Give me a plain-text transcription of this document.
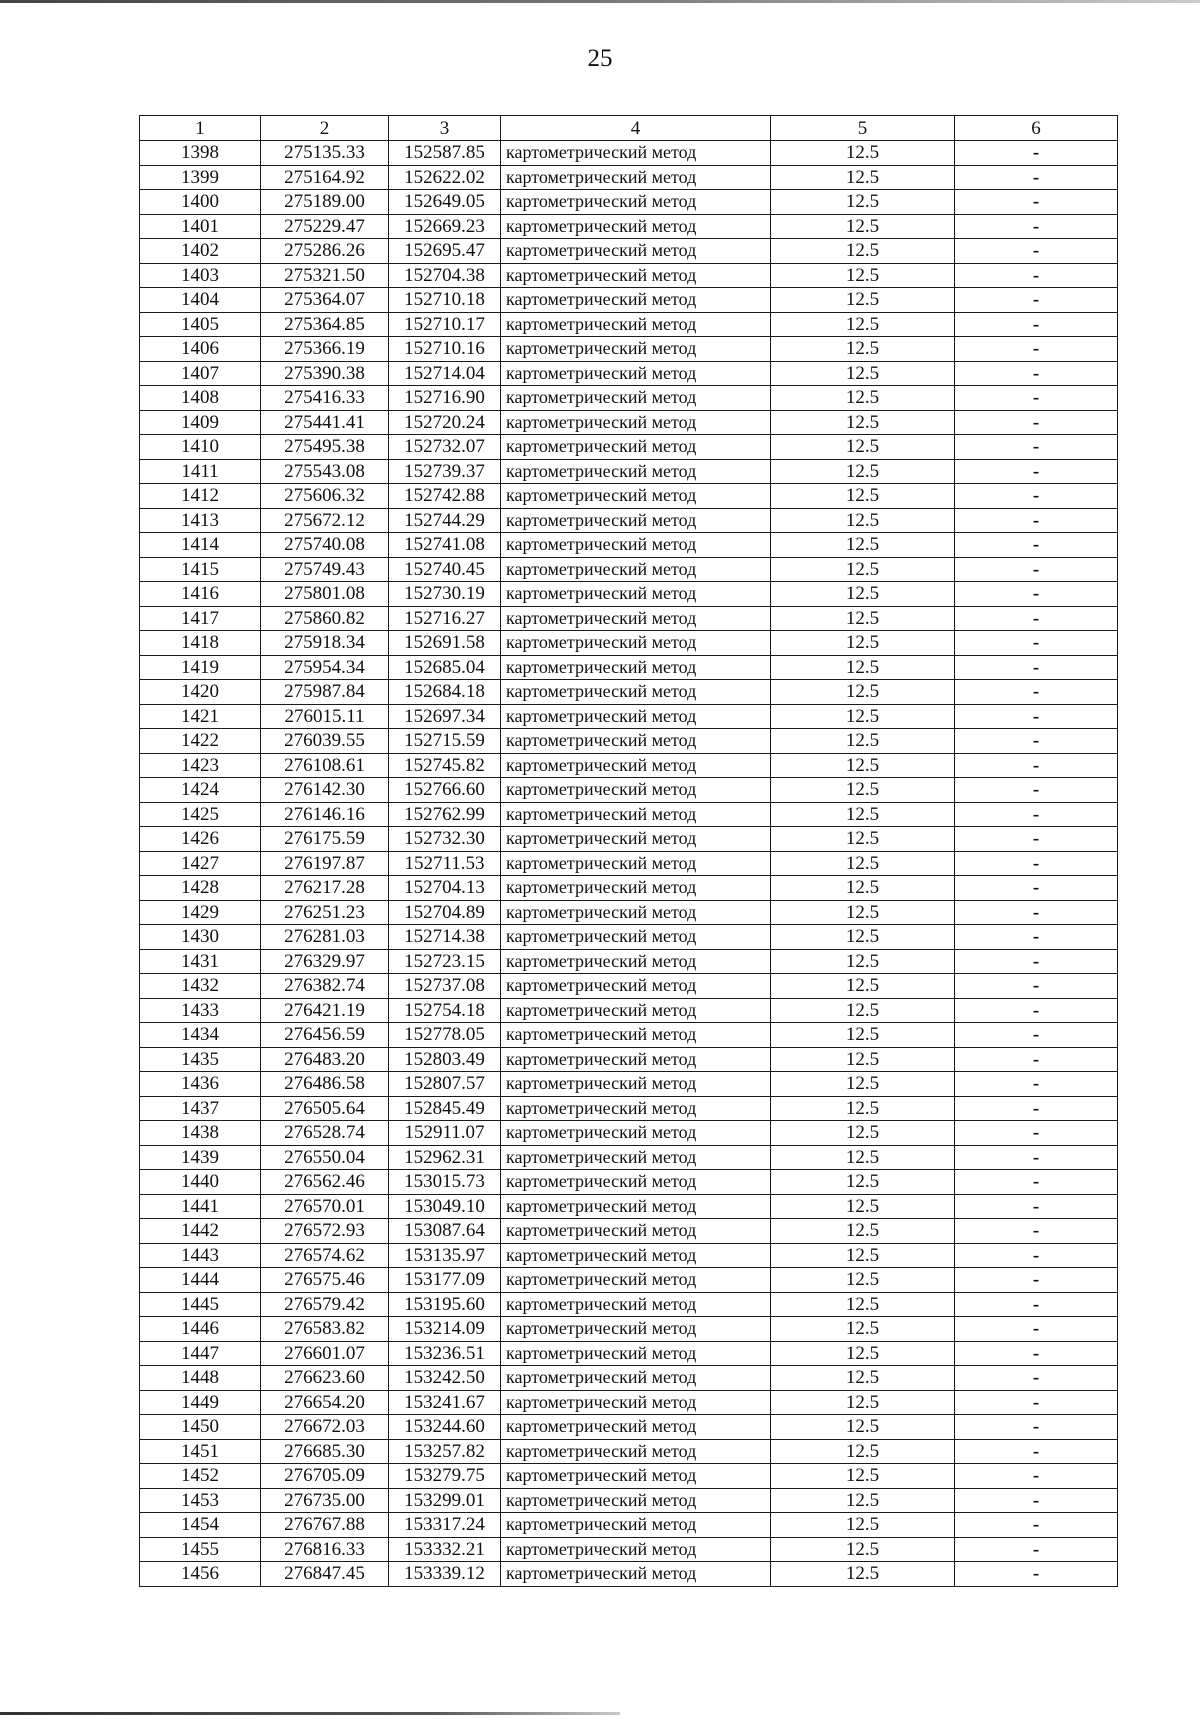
25
1	2	3	4	5	6
1398	275135.33	152587.85	картометрический метод	12.5	-
1399	275164.92	152622.02	картометрический метод	12.5	-
1400	275189.00	152649.05	картометрический метод	12.5	-
1401	275229.47	152669.23	картометрический метод	12.5	-
1402	275286.26	152695.47	картометрический метод	12.5	-
1403	275321.50	152704.38	картометрический метод	12.5	-
1404	275364.07	152710.18	картометрический метод	12.5	-
1405	275364.85	152710.17	картометрический метод	12.5	-
1406	275366.19	152710.16	картометрический метод	12.5	-
1407	275390.38	152714.04	картометрический метод	12.5	-
1408	275416.33	152716.90	картометрический метод	12.5	-
1409	275441.41	152720.24	картометрический метод	12.5	-
1410	275495.38	152732.07	картометрический метод	12.5	-
1411	275543.08	152739.37	картометрический метод	12.5	-
1412	275606.32	152742.88	картометрический метод	12.5	-
1413	275672.12	152744.29	картометрический метод	12.5	-
1414	275740.08	152741.08	картометрический метод	12.5	-
1415	275749.43	152740.45	картометрический метод	12.5	-
1416	275801.08	152730.19	картометрический метод	12.5	-
1417	275860.82	152716.27	картометрический метод	12.5	-
1418	275918.34	152691.58	картометрический метод	12.5	-
1419	275954.34	152685.04	картометрический метод	12.5	-
1420	275987.84	152684.18	картометрический метод	12.5	-
1421	276015.11	152697.34	картометрический метод	12.5	-
1422	276039.55	152715.59	картометрический метод	12.5	-
1423	276108.61	152745.82	картометрический метод	12.5	-
1424	276142.30	152766.60	картометрический метод	12.5	-
1425	276146.16	152762.99	картометрический метод	12.5	-
1426	276175.59	152732.30	картометрический метод	12.5	-
1427	276197.87	152711.53	картометрический метод	12.5	-
1428	276217.28	152704.13	картометрический метод	12.5	-
1429	276251.23	152704.89	картометрический метод	12.5	-
1430	276281.03	152714.38	картометрический метод	12.5	-
1431	276329.97	152723.15	картометрический метод	12.5	-
1432	276382.74	152737.08	картометрический метод	12.5	-
1433	276421.19	152754.18	картометрический метод	12.5	-
1434	276456.59	152778.05	картометрический метод	12.5	-
1435	276483.20	152803.49	картометрический метод	12.5	-
1436	276486.58	152807.57	картометрический метод	12.5	-
1437	276505.64	152845.49	картометрический метод	12.5	-
1438	276528.74	152911.07	картометрический метод	12.5	-
1439	276550.04	152962.31	картометрический метод	12.5	-
1440	276562.46	153015.73	картометрический метод	12.5	-
1441	276570.01	153049.10	картометрический метод	12.5	-
1442	276572.93	153087.64	картометрический метод	12.5	-
1443	276574.62	153135.97	картометрический метод	12.5	-
1444	276575.46	153177.09	картометрический метод	12.5	-
1445	276579.42	153195.60	картометрический метод	12.5	-
1446	276583.82	153214.09	картометрический метод	12.5	-
1447	276601.07	153236.51	картометрический метод	12.5	-
1448	276623.60	153242.50	картометрический метод	12.5	-
1449	276654.20	153241.67	картометрический метод	12.5	-
1450	276672.03	153244.60	картометрический метод	12.5	-
1451	276685.30	153257.82	картометрический метод	12.5	-
1452	276705.09	153279.75	картометрический метод	12.5	-
1453	276735.00	153299.01	картометрический метод	12.5	-
1454	276767.88	153317.24	картометрический метод	12.5	-
1455	276816.33	153332.21	картометрический метод	12.5	-
1456	276847.45	153339.12	картометрический метод	12.5	-
